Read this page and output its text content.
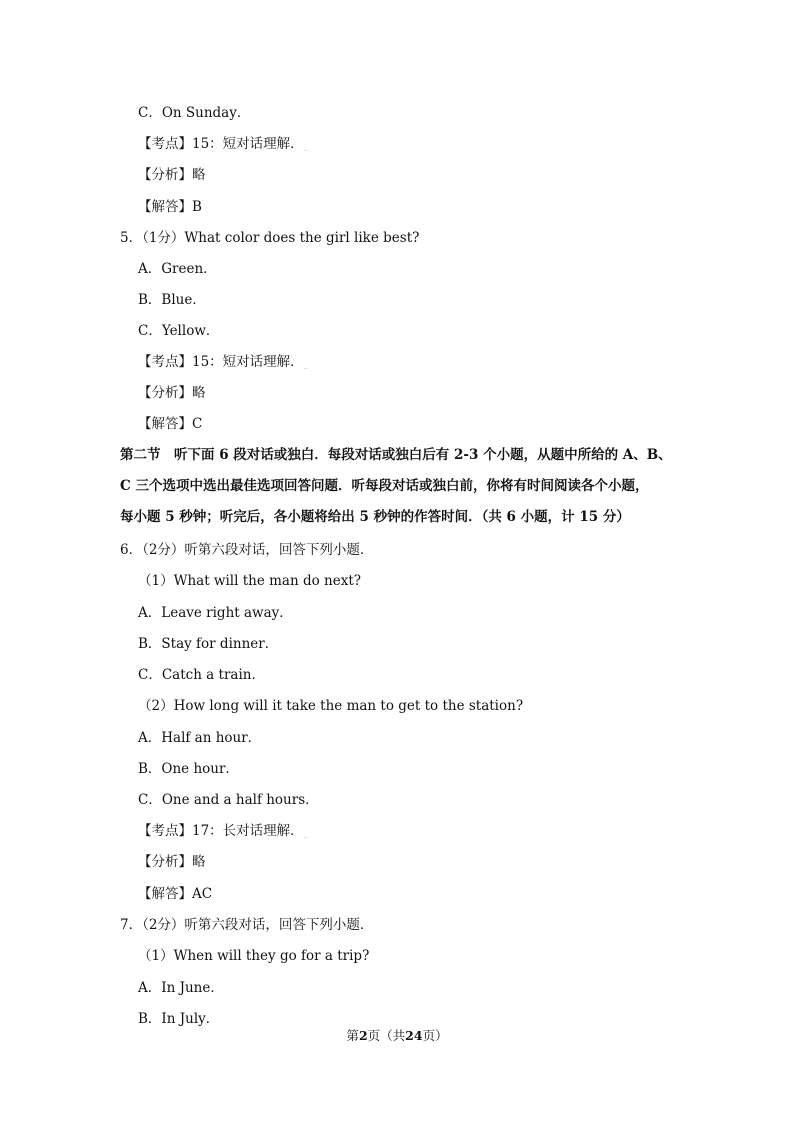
C．On Sunday．
【考点】15：短对话理解．_
【分析】略
【解答】B
5．（1分）What color does the girl like best?
A．Green．
B．Blue．
C．Yellow．
【考点】15：短对话理解．_
【分析】略
【解答】C
第二节　听下面 6 段对话或独白．每段对话或独白后有 2-3 个小题，从题中所给的 A、B、
C 三个选项中选出最佳选项回答问题．听每段对话或独白前，你将有时间阅读各个小题，
每小题 5 秒钟；听完后，各小题将给出 5 秒钟的作答时间．（共 6 小题，计 15 分）
6．（2分）听第六段对话，回答下列小题．
（1）What will the man do next?
A．Leave right away．
B．Stay for dinner．
C．Catch a train．
（2）How long will it take the man to get to the station?
A．Half an hour．
B．One hour．
C．One and a half hours．
【考点】17：长对话理解．_
【分析】略
【解答】AC
7．（2分）听第六段对话，回答下列小题．
（1）When will they go for a trip?
A．In June．
B．In July．
第2页（共24页）
